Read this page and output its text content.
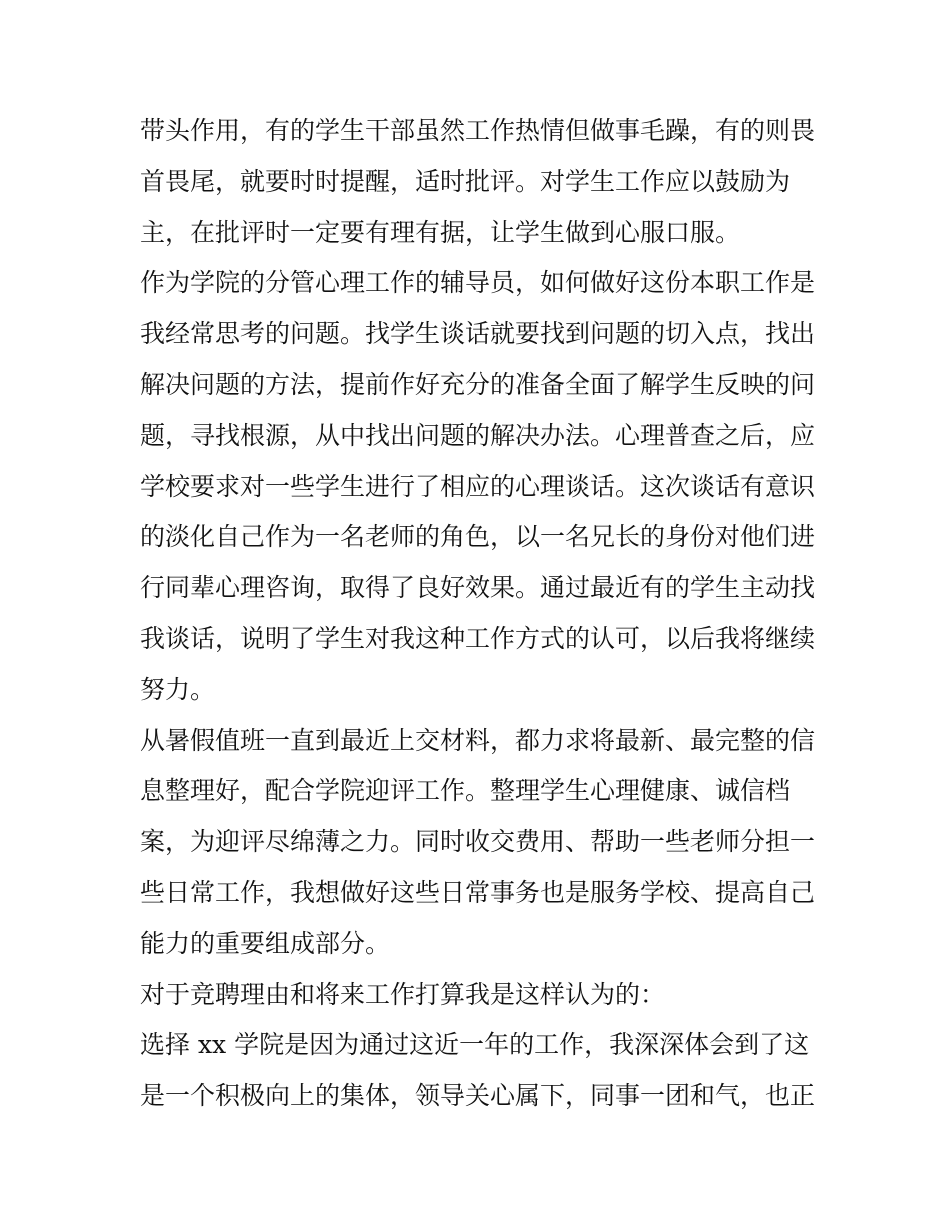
带头作用，有的学生干部虽然工作热情但做事毛躁，有的则畏
首畏尾，就要时时提醒，适时批评。对学生工作应以鼓励为
主，在批评时一定要有理有据，让学生做到心服口服。
作为学院的分管心理工作的辅导员，如何做好这份本职工作是
我经常思考的问题。找学生谈话就要找到问题的切入点，找出
解决问题的方法，提前作好充分的准备全面了解学生反映的问
题，寻找根源，从中找出问题的解决办法。心理普查之后，应
学校要求对一些学生进行了相应的心理谈话。这次谈话有意识
的淡化自己作为一名老师的角色，以一名兄长的身份对他们进
行同辈心理咨询，取得了良好效果。通过最近有的学生主动找
我谈话，说明了学生对我这种工作方式的认可，以后我将继续
努力。
从暑假值班一直到最近上交材料，都力求将最新、最完整的信
息整理好，配合学院迎评工作。整理学生心理健康、诚信档
案，为迎评尽绵薄之力。同时收交费用、帮助一些老师分担一
些日常工作，我想做好这些日常事务也是服务学校、提高自己
能力的重要组成部分。
对于竞聘理由和将来工作打算我是这样认为的：
选择 xx 学院是因为通过这近一年的工作，我深深体会到了这
是一个积极向上的集体，领导关心属下，同事一团和气，也正
